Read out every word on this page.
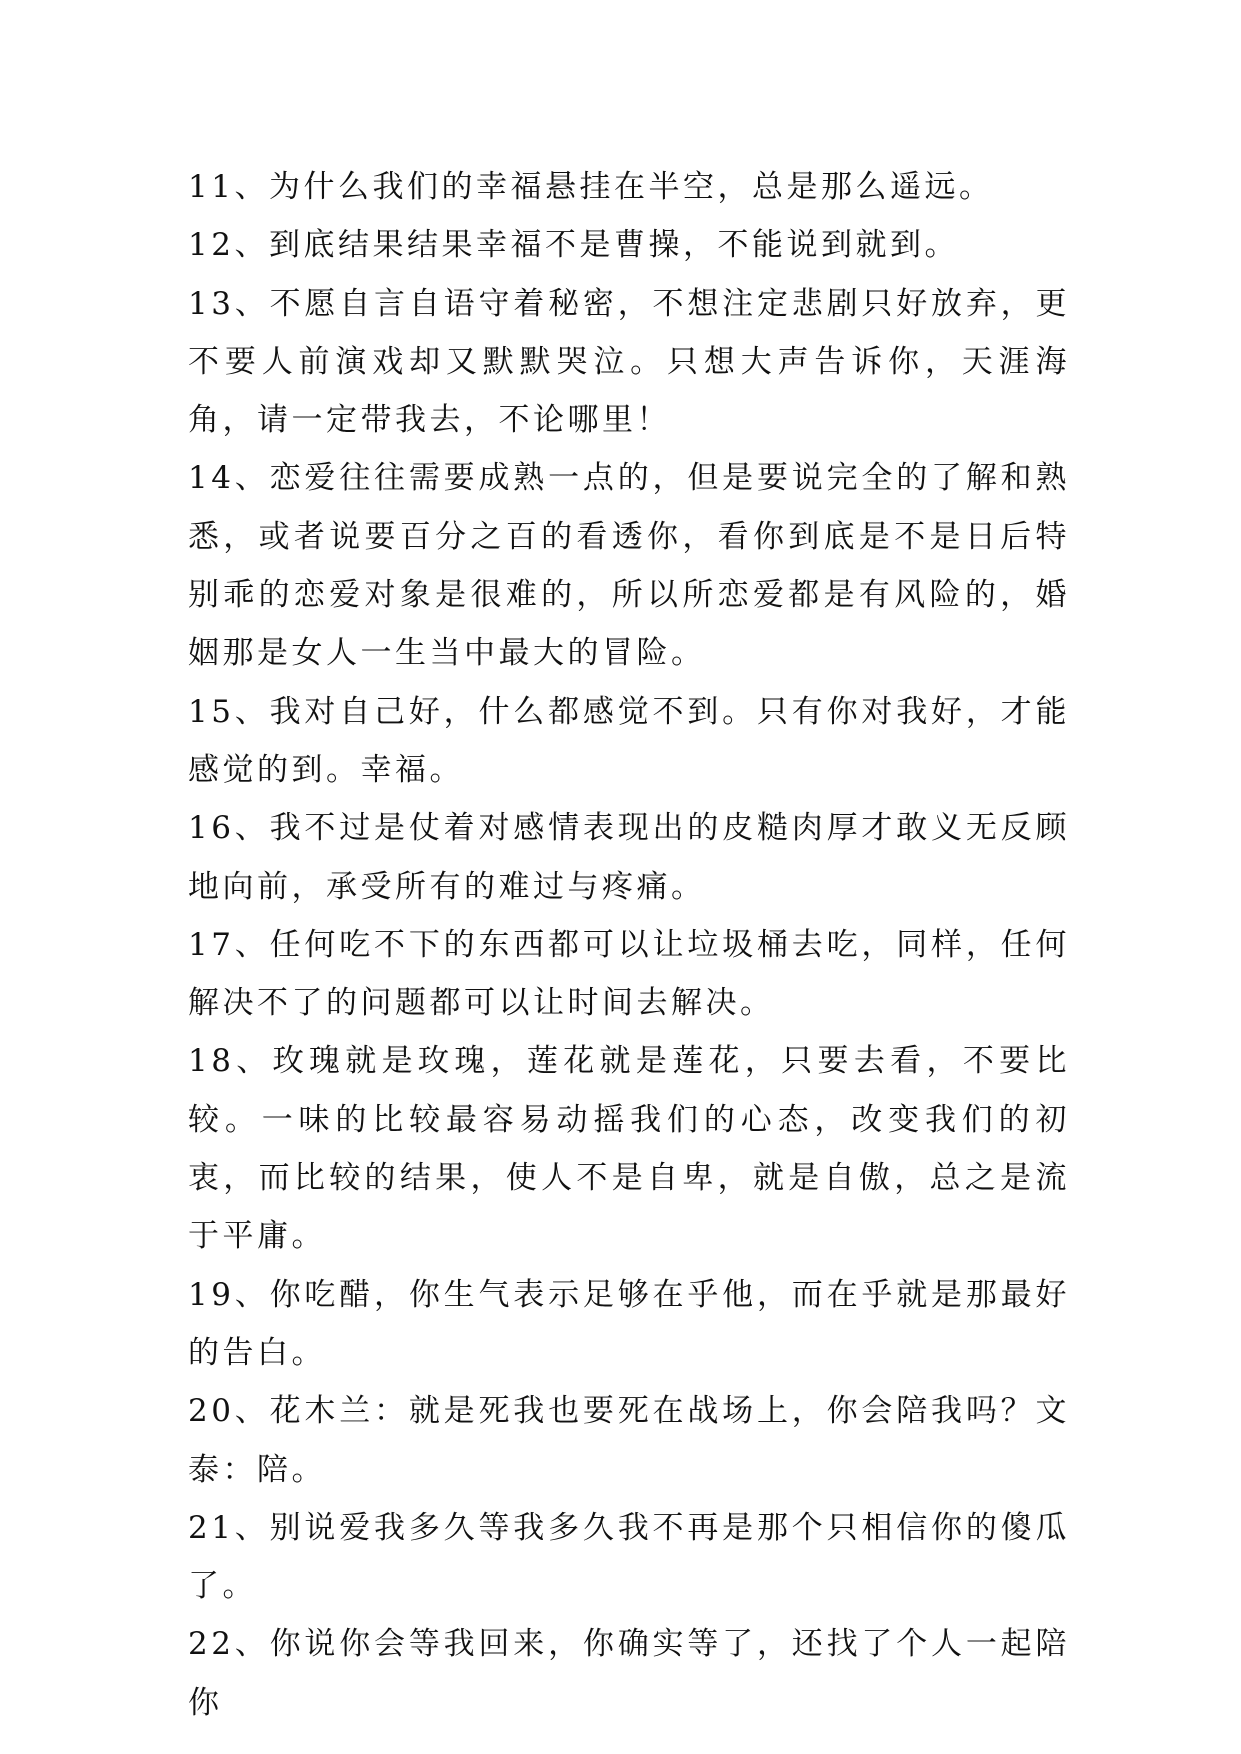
11、为什么我们的幸福悬挂在半空，总是那么遥远。

12、到底结果结果幸福不是曹操，不能说到就到。

13、不愿自言自语守着秘密，不想注定悲剧只好放弃，更不要人前演戏却又默默哭泣。只想大声告诉你，天涯海角，请一定带我去，不论哪里！

14、恋爱往往需要成熟一点的，但是要说完全的了解和熟悉，或者说要百分之百的看透你，看你到底是不是日后特别乖的恋爱对象是很难的，所以所恋爱都是有风险的，婚姻那是女人一生当中最大的冒险。

15、我对自己好，什么都感觉不到。只有你对我好，才能感觉的到。幸福。

16、我不过是仗着对感情表现出的皮糙肉厚才敢义无反顾地向前，承受所有的难过与疼痛。

17、任何吃不下的东西都可以让垃圾桶去吃，同样，任何解决不了的问题都可以让时间去解决。

18、玫瑰就是玫瑰，莲花就是莲花，只要去看，不要比较。一味的比较最容易动摇我们的心态，改变我们的初衷，而比较的结果，使人不是自卑，就是自傲，总之是流于平庸。

19、你吃醋，你生气表示足够在乎他，而在乎就是那最好的告白。

20、花木兰：就是死我也要死在战场上，你会陪我吗？文泰：陪。

21、别说爱我多久等我多久我不再是那个只相信你的傻瓜了。

22、你说你会等我回来，你确实等了，还找了个人一起陪你
